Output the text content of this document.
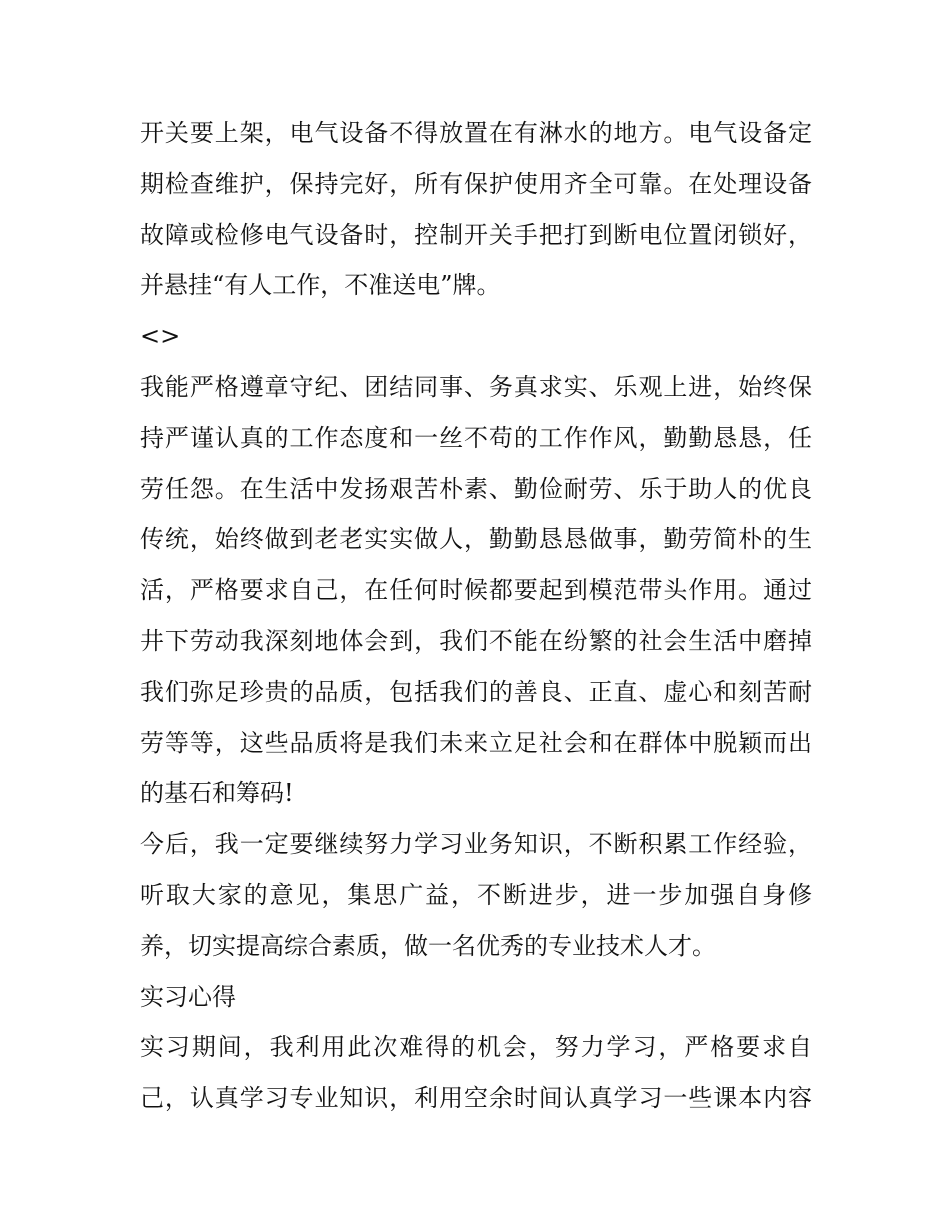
开关要上架，电气设备不得放置在有淋水的地方。电气设备定
期检查维护，保持完好，所有保护使用齐全可靠。在处理设备
故障或检修电气设备时，控制开关手把打到断电位置闭锁好，
并悬挂“有人工作，不准送电”牌。
<>
我能严格遵章守纪、团结同事、务真求实、乐观上进，始终保
持严谨认真的工作态度和一丝不苟的工作作风，勤勤恳恳，任
劳任怨。在生活中发扬艰苦朴素、勤俭耐劳、乐于助人的优良
传统，始终做到老老实实做人，勤勤恳恳做事，勤劳简朴的生
活，严格要求自己，在任何时候都要起到模范带头作用。通过
井下劳动我深刻地体会到，我们不能在纷繁的社会生活中磨掉
我们弥足珍贵的品质，包括我们的善良、正直、虚心和刻苦耐
劳等等，这些品质将是我们未来立足社会和在群体中脱颖而出
的基石和筹码!
今后，我一定要继续努力学习业务知识，不断积累工作经验，
听取大家的意见，集思广益，不断进步，进一步加强自身修
养，切实提高综合素质，做一名优秀的专业技术人才。
实习心得
实习期间，我利用此次难得的机会，努力学习，严格要求自
己，认真学习专业知识，利用空余时间认真学习一些课本内容
